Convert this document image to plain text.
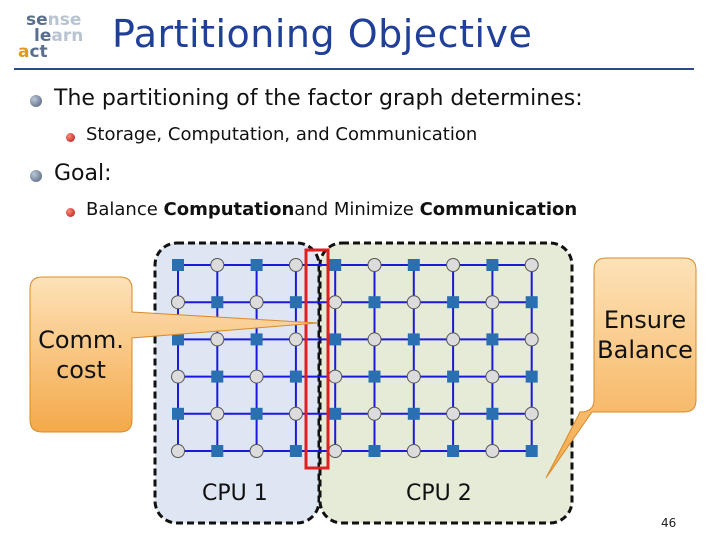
sense
learn
act Partitioning Objective
The partitioning of the factor graph determines:
Storage, Computation, and Communication
Goal:
Balance Computationand Minimize Communication
Comm.
cost
Ensure
Balance
CPU 1	CPU 2
46
